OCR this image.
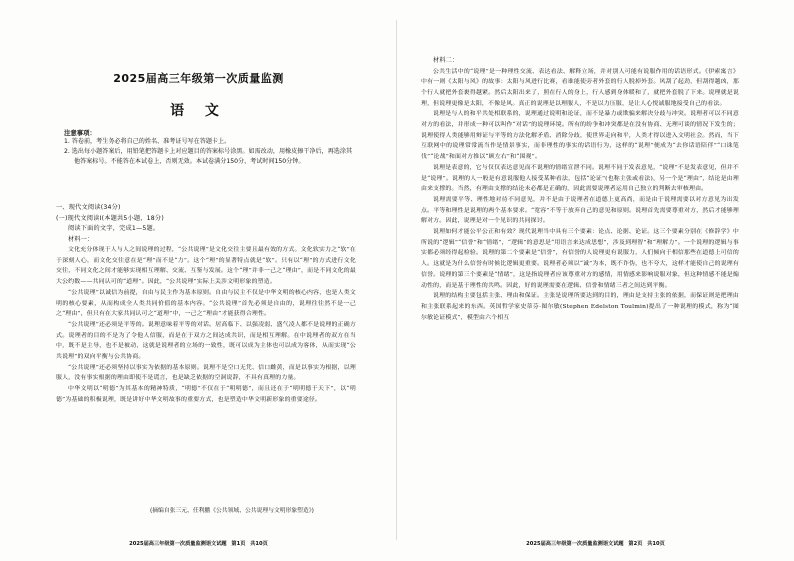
2025届高三年级第一次质量监测
语 文
注意事项：
1. 答卷前，考生务必将自己的姓名、准考证号写在答题卡上。
2. 选出每小题答案后，用铅笔把答题卡上对应题目的答案标号涂黑。如需改动，用橡皮擦干净后，再选涂其他答案标号。不能答在本试卷上，否则无效。本试卷满分150分，考试时间150分钟。
一、现代文阅读(34分)
(一)现代文阅读Ⅰ(本题共5小题，18分)
阅读下面的文字，完成1—5题。
材料一：

文化充分体现于人与人之间说理的过程，“公共说理”是文化交往主要且最有效的方式。文化软实力之“软”在于深刻人心，而文化交往意在是“理”而不是“力”。这个“理”的显著特点就是“软”。只有以“理”的方式进行文化交往，不同文化之间才能够实现相互理解、交流、互鉴与发展。这个“理”并非一己之“理由”，而是不同文化的最大公约数——共同认可的“道理”。因此，“公共说理”实际上关涉文明形象的塑造。

“公共说理”以诚信为前提，自由与民主作为基本原则。自由与民主不仅是中华文明的核心内容，也是人类文明的核心要素，从而构成全人类共同价值的基本内容。“公共说理”首先必须是自由的，说理往往然不是一己之“理由”，但只有在大家共同认可之“道理”中，一己之“理由”才能获得合理性。

“公共说理”还必须是平等的。说理意味着平等的对话。居高临下、以强凌弱、盛气凌人都不是说理的正确方式。说理者的目的不是为了令他人信服，而是在于双方之间达成共识，而是相互理解。在中说理者的双方在当中，既不是主导，也不是被动，这就是说理者的立场的一致性，既可以成为主体也可以成为客体，从而实现“公共说理”的双向平衡与公共协商。

“公共说理”还必须坚持以事实为依据的基本原则。说理不是空口无凭、信口雌黄，而是以事实为根据，以理服人，没有事实根据的理由即使不是谎言，也是缺乏依据的空洞说辞，不具有真理的力量。

中华文明以“明德”为其基本的精神特质，“明德”不仅在于“明明德”，而且还在于“明明德于天下”，以“明德”为基础的积极说理，既是讲好中华文明故事的重要方式，也是塑造中华文明新形象的重要途径。

(摘编自张三元、任利鹏《公共领域、公共说理与文明形象塑造》)
2025届高三年级第一次质量监测语文试题 第1页 共10页
材料二：

公共生活中的“说理”是一种理性交流、表达看法、解释立场，并对别人可能有说服作用的话语形式。《伊索寓言》中有一则《太阳与风》的故事：太阳与风进行比赛，看谁能使旁者外套的行人脱掉外套。风刮了起劲，但刮得越凶，那个行人就把外套裹得越紧。然后太阳出来了，照在行人的身上，行人感到身体暖和了，就把外套脱了下来。说理就是说理，但说理更像是太阳，不像是风。真正的说理是以理服人，不是以力压服，是让人心悦诚服地接受自己的看法。

说理是与人的和平共处相联系的，说理通过说明和论证，而不是暴力或欺骗来解决分歧与冲突。说理者可以不同意对方的看法，并形成一种可以叫作“对话”的说理环境。所有的纷争和冲突都是在没有协商、无理可谈的情况下发生的；说理使得人类能够用辩证与平等的方法化解矛盾、消除分歧，使世界走向和平，人类才得以进入文明社会。然而，当下互联网中的说理常常流当作是情景事实，而非理性的事实的话语行为，这样的“说理”便成为“去你话语陪伴”“口诛笔伐”“论战”和面对方推以“顾左右”和“围观”。

说理是表意的，它与仅仅表达意见而不说理的情绪宣泄不同。说理不同于发表意见，“说理”不是发表意见，但并不是“说理”。说理的人一般是有意说服他人接受某种看法，包括“论证”(也称主张或看法)，另一个是“理由”，结论是由理由来支撑的。当然，有理由支撑的结论未必都是正确的，因此需要说理者运用自己独立的判断去审核理由。

说理需要平等、理性地对待不同意见，并不是由于说理者在道德上更高尚，而是由于说理需要以对方意见为出发点。平等和理性是说理的两个基本要求。“宽容”不等于放弃自己的意见和原则。说理首先需要尊重对方，然后才能够理解对方。因此，说理是对一个见识的共同探讨。

说理如何才能公平公正和有效？现代说理当中具有三个要素：论点、论据、论证。这三个要素分别在《修辞学》中所说的“逻辑”“信誉”和“情绪”，“逻辑”的意思是“用语言来达成思想”，涉及到理智”和“理解力”。一个说理的逻辑与事实都必须经得起检验。说理的第二个要素是“信誉”，有信誉的人说理更有说服力，人们倾向于相信那些在道德上可信的人。这就是为什么信誉有时候比逻辑更重要。说理者必须以“诚”为本，既不诈伪，也不夸大，这样才能使自己的说理有信誉。说理的第三个要素是“情绪”，这是指说理者应该尊重对方的感情，用情感来影响说服对象，但这种情感不能是煽动性的，而是基于理性的共鸣。因此，好的说理需要在逻辑、信誉和情绪三者之间达到平衡。

说理的结构主要包括主张、理由和保证。主张是说理所要达到的目的，理由是支持主张的依据，而保证则是把理由和主张联系起来的东西。英国哲学家史蒂芬·图尔敏(Stephen Edelston Toulmin)提出了一种说理的模式，称为“图尔敏论证模式”，模型由六个相互

2025届高三年级第一次质量监测语文试题 第2页 共10页
